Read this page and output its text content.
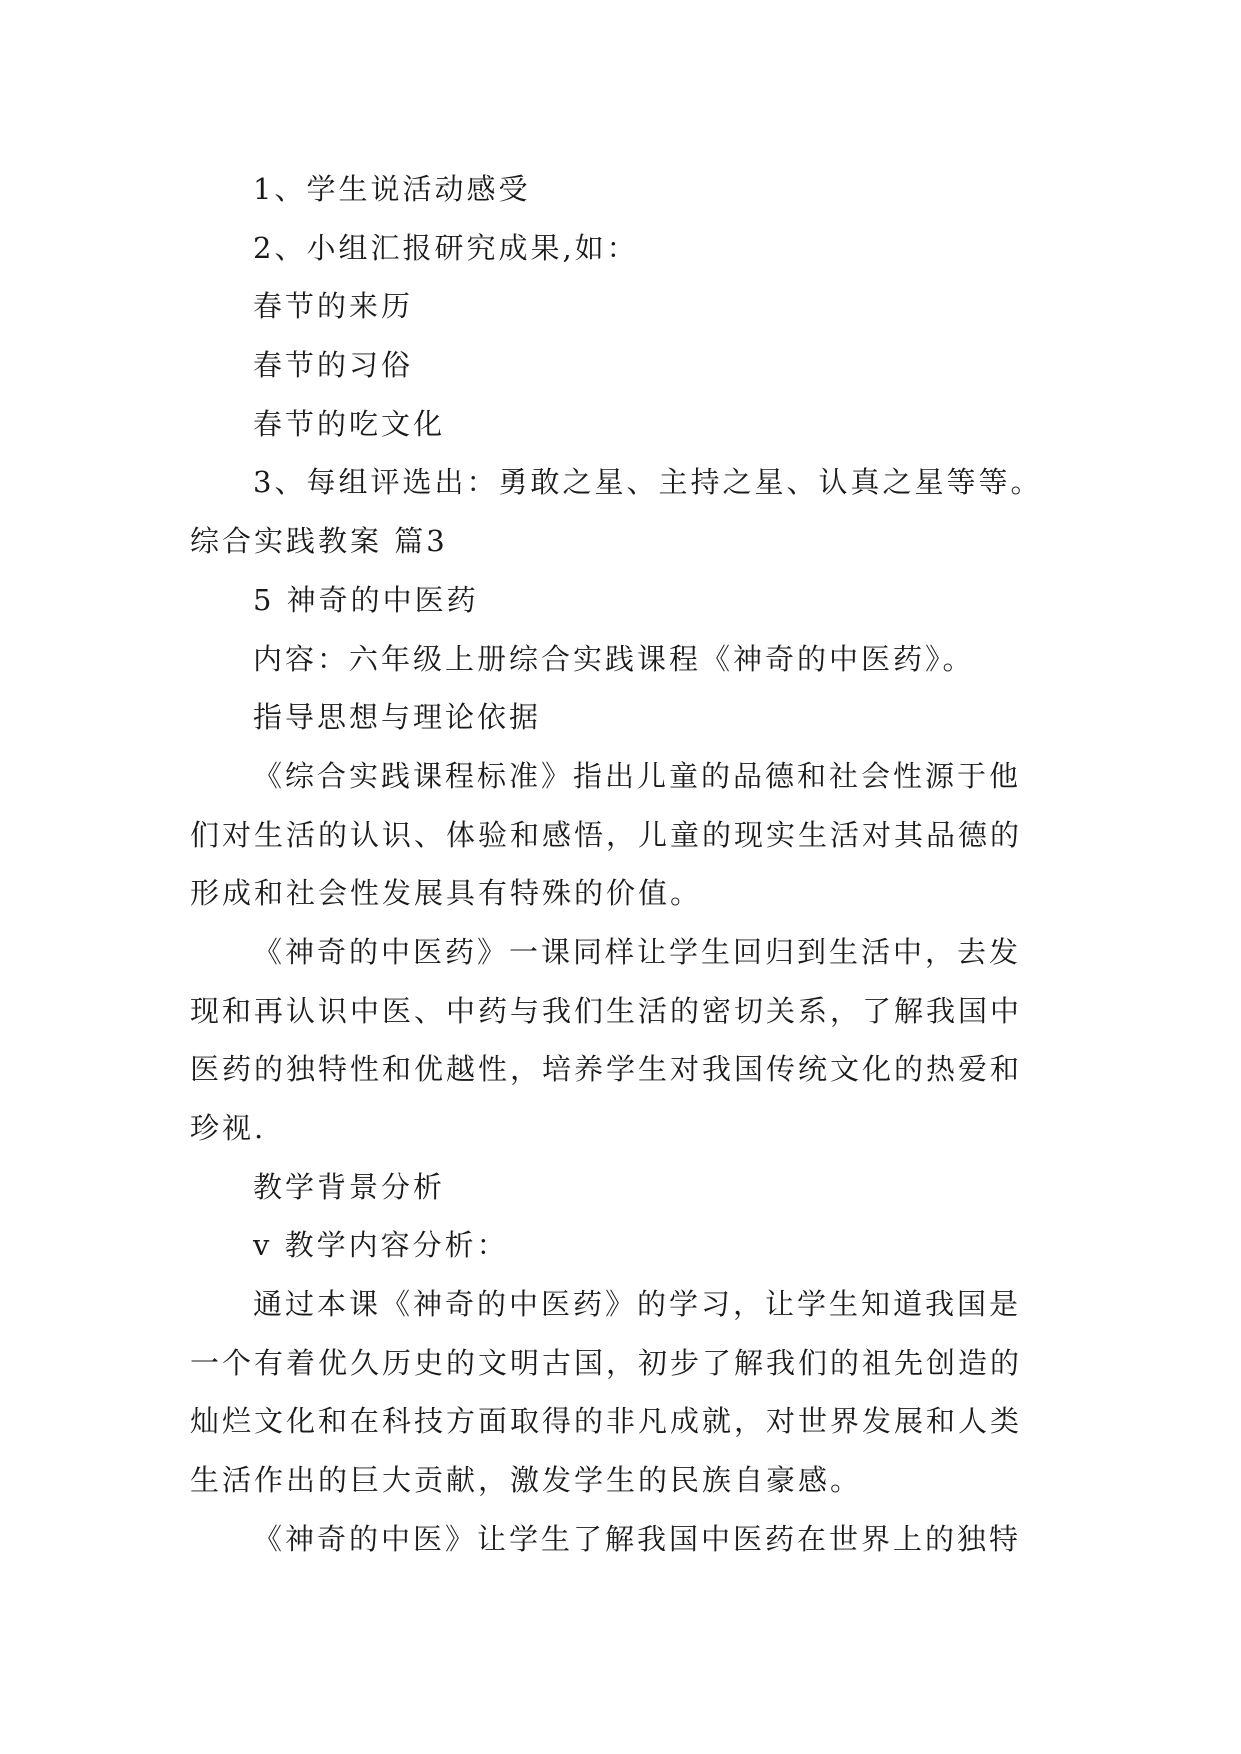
1、学生说活动感受
2、小组汇报研究成果,如：
春节的来历
春节的习俗
春节的吃文化
3、每组评选出：勇敢之星、主持之星、认真之星等等。
综合实践教案 篇3
5 神奇的中医药
内容：六年级上册综合实践课程《神奇的中医药》。
指导思想与理论依据
《综合实践课程标准》指出儿童的品德和社会性源于他
们对生活的认识、体验和感悟，儿童的现实生活对其品德的
形成和社会性发展具有特殊的价值。
《神奇的中医药》一课同样让学生回归到生活中，去发
现和再认识中医、中药与我们生活的密切关系，了解我国中
医药的独特性和优越性，培养学生对我国传统文化的热爱和
珍视.
教学背景分析
v 教学内容分析：
通过本课《神奇的中医药》的学习，让学生知道我国是
一个有着优久历史的文明古国，初步了解我们的祖先创造的
灿烂文化和在科技方面取得的非凡成就，对世界发展和人类
生活作出的巨大贡献，激发学生的民族自豪感。
《神奇的中医》让学生了解我国中医药在世界上的独特
